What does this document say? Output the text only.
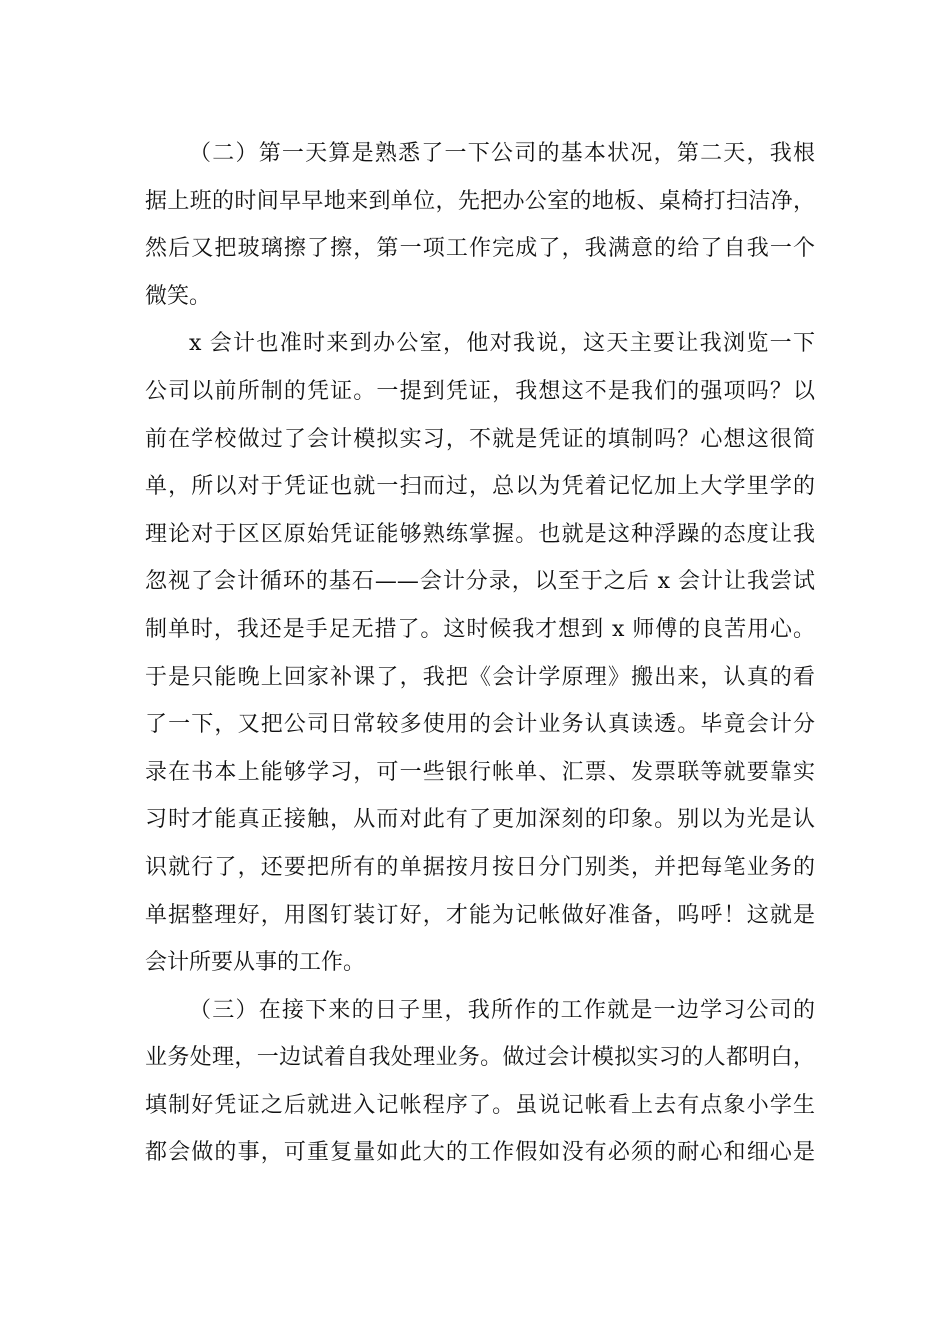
（二）第一天算是熟悉了一下公司的基本状况，第二天，我根
据上班的时间早早地来到单位，先把办公室的地板、桌椅打扫洁净，
然后又把玻璃擦了擦，第一项工作完成了，我满意的给了自我一个
微笑。
x 会计也准时来到办公室，他对我说，这天主要让我浏览一下
公司以前所制的凭证。一提到凭证，我想这不是我们的强项吗？以
前在学校做过了会计模拟实习，不就是凭证的填制吗？心想这很简
单，所以对于凭证也就一扫而过，总以为凭着记忆加上大学里学的
理论对于区区原始凭证能够熟练掌握。也就是这种浮躁的态度让我
忽视了会计循环的基石——会计分录，以至于之后 x 会计让我尝试
制单时，我还是手足无措了。这时候我才想到 x 师傅的良苦用心。
于是只能晚上回家补课了，我把《会计学原理》搬出来，认真的看
了一下，又把公司日常较多使用的会计业务认真读透。毕竟会计分
录在书本上能够学习，可一些银行帐单、汇票、发票联等就要靠实
习时才能真正接触，从而对此有了更加深刻的印象。别以为光是认
识就行了，还要把所有的单据按月按日分门别类，并把每笔业务的
单据整理好，用图钉装订好，才能为记帐做好准备，呜呼！这就是
会计所要从事的工作。
（三）在接下来的日子里，我所作的工作就是一边学习公司的
业务处理，一边试着自我处理业务。做过会计模拟实习的人都明白，
填制好凭证之后就进入记帐程序了。虽说记帐看上去有点象小学生
都会做的事，可重复量如此大的工作假如没有必须的耐心和细心是
